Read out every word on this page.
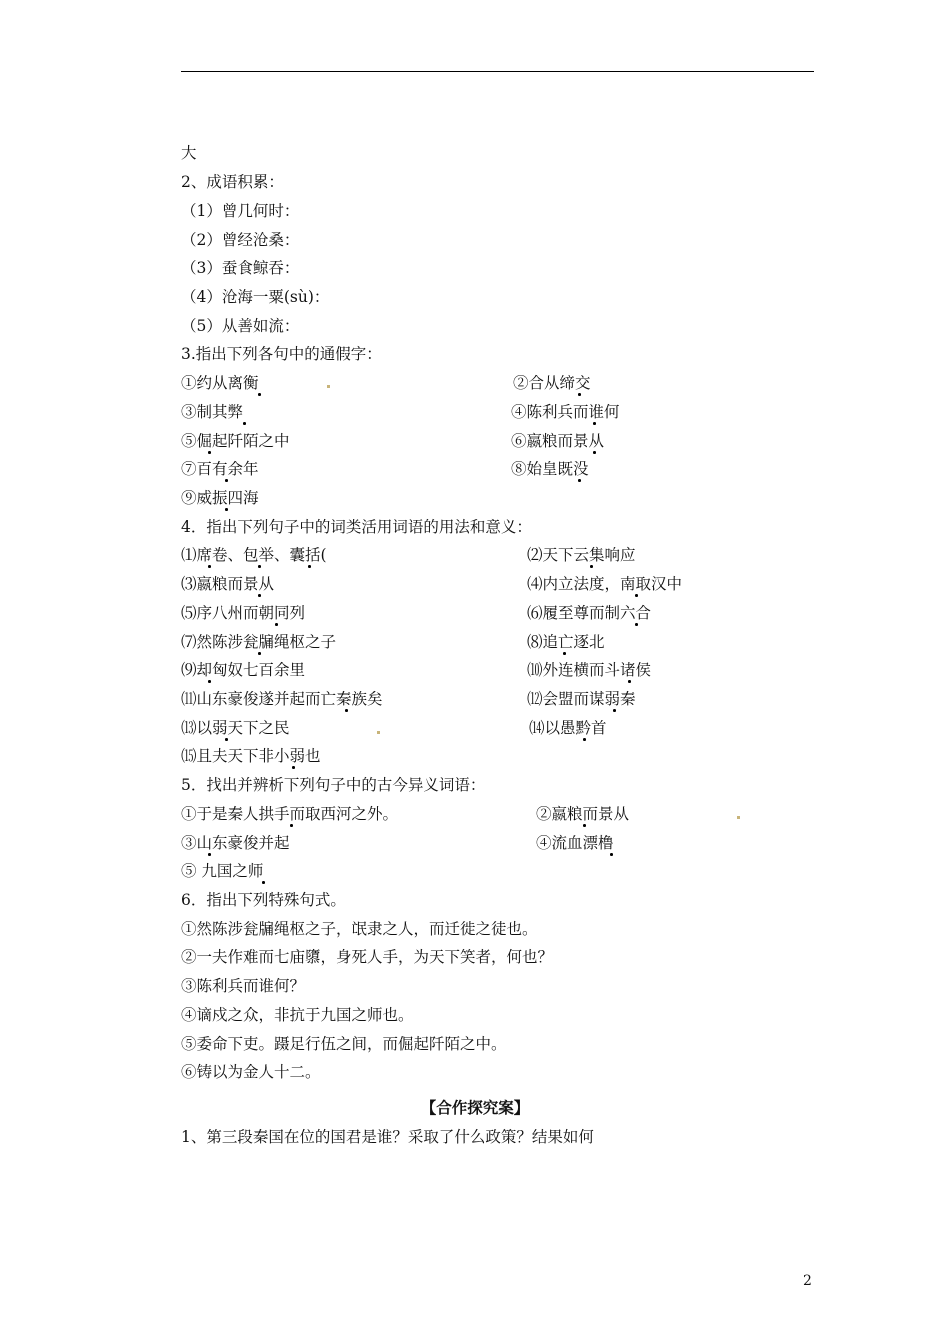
大
2、成语积累：
（1）曾几何时：
（2）曾经沧桑：
（3）蚕食鲸吞：
（4）沧海一粟(sù)：
（5）从善如流：
3.指出下列各句中的通假字：
①约从离衡	②合从缔交
③制其弊	④陈利兵而谁何
⑤倔起阡陌之中	⑥嬴粮而景从
⑦百有余年	⑧始皇既没
⑨威振四海
4．指出下列句子中的词类活用词语的用法和意义：
⑴席卷、包举、囊括(	⑵天下云集响应
⑶嬴粮而景从	⑷内立法度，南取汉中
⑸序八州而朝同列	⑹履至尊而制六合
⑺然陈涉瓮牖绳枢之子	⑻追亡逐北
⑼却匈奴七百余里	⑽外连横而斗诸侯
⑾山东豪俊遂并起而亡秦族矣	⑿会盟而谋弱秦
⒀以弱天下之民	⒁以愚黔首
⒂且夫天下非小弱也
5．找出并辨析下列句子中的古今异义词语：
①于是秦人拱手而取西河之外。	②嬴粮而景从
③山东豪俊并起	④流血漂橹
⑤ 九国之师
6．指出下列特殊句式。
①然陈涉瓮牖绳枢之子，氓隶之人，而迁徙之徒也。
②一夫作难而七庙隳，身死人手，为天下笑者，何也？
③陈利兵而谁何？
④谪戍之众，非抗于九国之师也。
⑤委命下吏。蹑足行伍之间，而倔起阡陌之中。
⑥铸以为金人十二。
【合作探究案】
1、第三段秦国在位的国君是谁？采取了什么政策？结果如何
2
